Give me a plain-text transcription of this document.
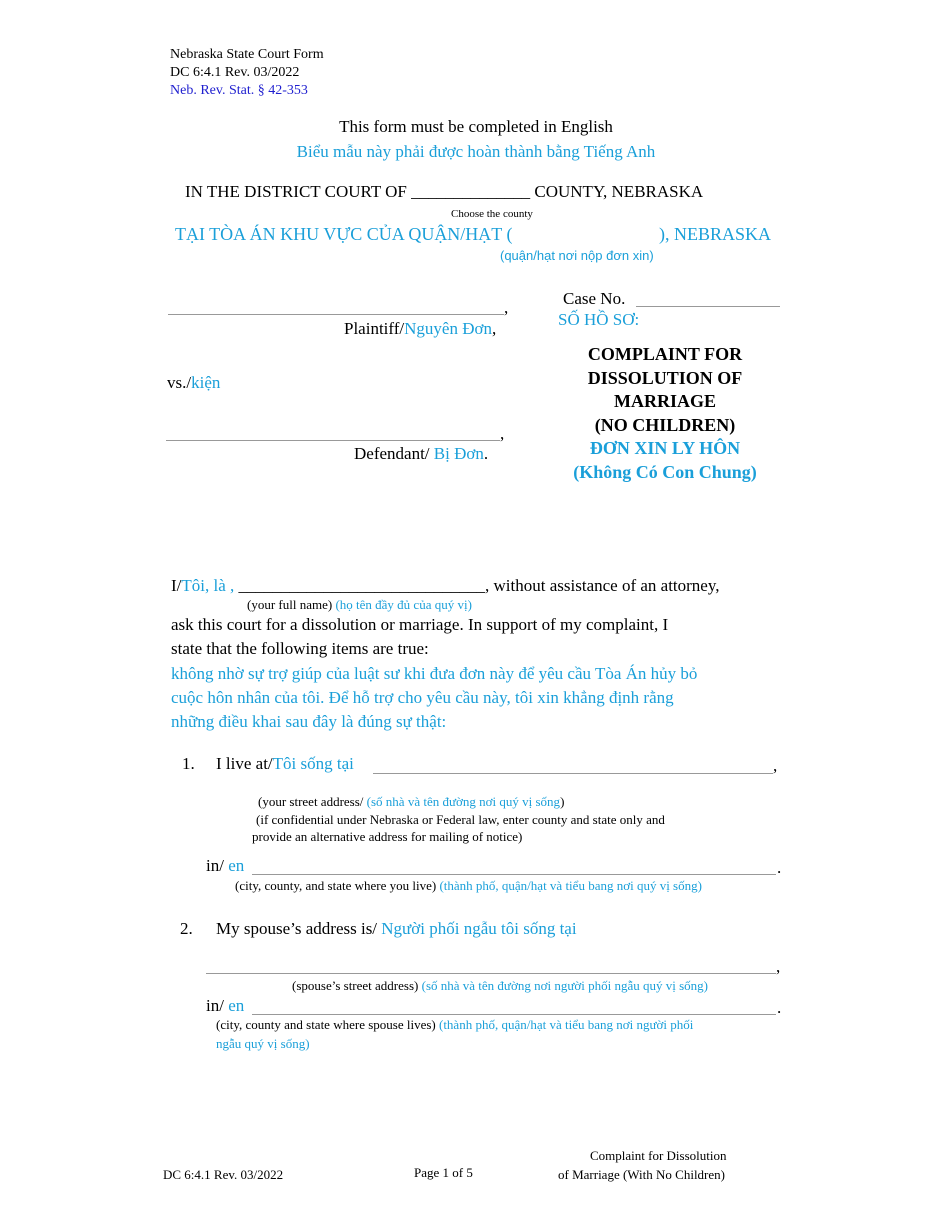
Nebraska State Court Form
DC 6:4.1 Rev. 03/2022
Neb. Rev. Stat. § 42-353
This form must be completed in English
Biểu mẫu này phải được hoàn thành bằng Tiếng Anh
IN THE DISTRICT COURT OF ______________ COUNTY, NEBRASKA
Choose the county
TẠI TÒA ÁN KHU VỰC CỦA QUẬN/HẠT (	), NEBRASKA
(quận/hạt nơi nộp đơn xin)
,
Plaintiff/Nguyên Đơn,
vs./kiện
,
Defendant/ Bị Đơn.
Case No.
SỐ HỒ SƠ:
COMPLAINT FOR
DISSOLUTION OF
MARRIAGE
(NO CHILDREN)
ĐƠN XIN LY HÔN
(Không Có Con Chung)
I/Tôi, là , _____________________________, without assistance of an attorney,
(your full name) (họ tên đầy đủ của quý vị)
ask this court for a dissolution or marriage. In support of my complaint, I
state that the following items are true:
không nhờ sự trợ giúp của luật sư khi đưa đơn này để yêu cầu Tòa Án hủy bỏ
cuộc hôn nhân của tôi. Để hỗ trợ cho yêu cầu này, tôi xin khẳng định rằng
những điều khai sau đây là đúng sự thật:
1. I live at/Tôi sống tại	,
(your street address/ (số nhà và tên đường nơi quý vị sống)
(if confidential under Nebraska or Federal law, enter county and state only and
provide an alternative address for mailing of notice)
in/ en	.
(city, county, and state where you live) (thành phố, quận/hạt và tiểu bang nơi quý vị sống)
2. My spouse’s address is/ Người phối ngẫu tôi sống tại
,
(spouse’s street address) (số nhà và tên đường nơi người phối ngẫu quý vị sống)
in/ en	.
(city, county and state where spouse lives) (thành phố, quận/hạt và tiểu bang nơi người phối
ngẫu quý vị sống)
DC 6:4.1 Rev. 03/2022	Page 1 of 5
Complaint for Dissolution
of Marriage (With No Children)
